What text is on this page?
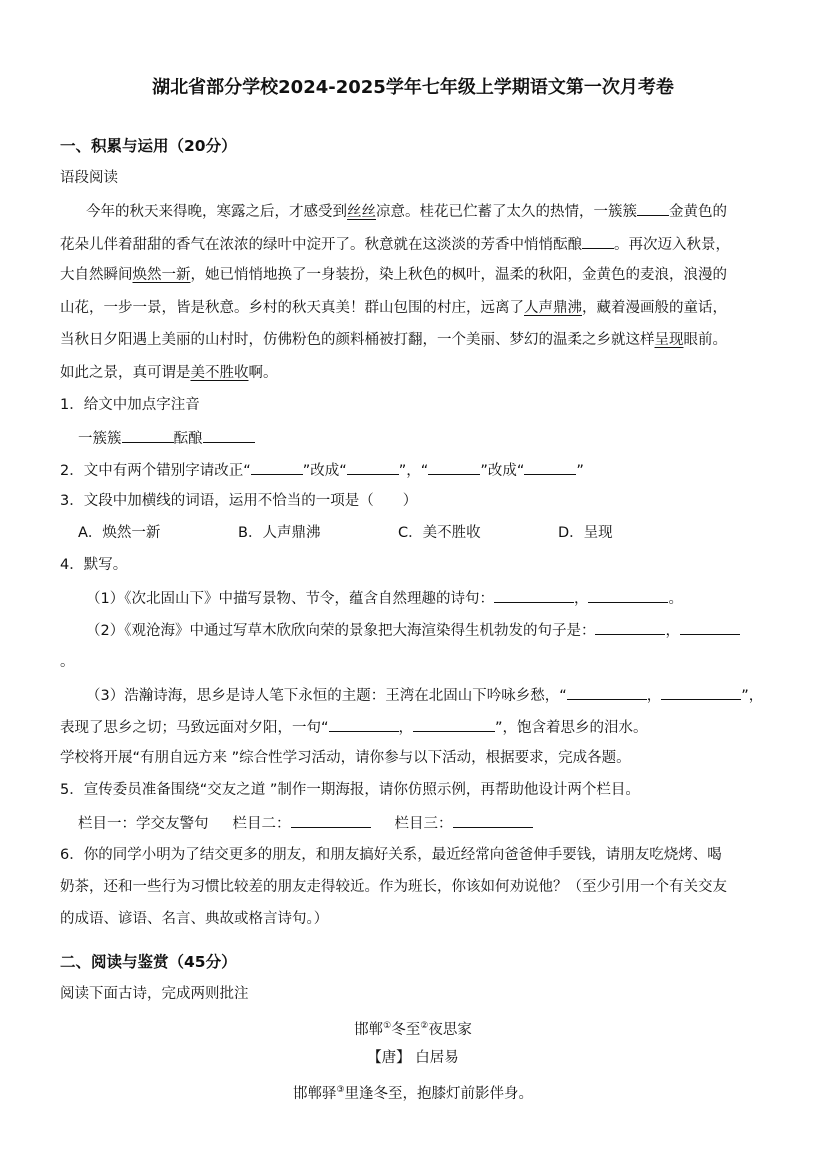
湖北省部分学校2024-2025学年七年级上学期语文第一次月考卷
一、积累与运用（20分）
语段阅读
今年的秋天来得晚，寒露之后，才感受到丝丝凉意。桂花已伫蓄了太久的热情，一簇簇 金黄色的
花朵儿伴着甜甜的香气在浓浓的绿叶中淀开了。秋意就在这淡淡的芳香中悄悄酝酿 。再次迈入秋景，
大自然瞬间焕然一新，她已悄悄地换了一身装扮，染上秋色的枫叶，温柔的秋阳，金黄色的麦浪，浪漫的
山花，一步一景，皆是秋意。乡村的秋天真美！群山包围的村庄，远离了人声鼎沸，藏着漫画般的童话，
当秋日夕阳遇上美丽的山村时，仿佛粉色的颜料桶被打翻，一个美丽、梦幻的温柔之乡就这样呈现眼前。
如此之景，真可谓是美不胜收啊。
1．给文中加点字注音
一簇簇	酝酿
2．文中有两个错别字请改正“	”改成“	”，“	”改成“	”
3．文段中加横线的词语，运用不恰当的一项是（　　）
A．焕然一新	B．人声鼎沸	C．美不胜收	D．呈现
4．默写。
（1）《次北固山下》中描写景物、节令，蕴含自然理趣的诗句：	，	。
（2）《观沧海》中通过写草木欣欣向荣的景象把大海渲染得生机勃发的句子是：	，
。
（3）浩瀚诗海，思乡是诗人笔下永恒的主题：王湾在北固山下吟咏乡愁，“	，	”，
表现了思乡之切；马致远面对夕阳，一句“	，	”，饱含着思乡的泪水。
学校将开展“有朋自远方来 ”综合性学习活动，请你参与以下活动，根据要求，完成各题。
5．宣传委员准备围绕“交友之道 ”制作一期海报，请你仿照示例，再帮助他设计两个栏目。
栏目一：学交友警句 栏目二：	栏目三：
6．你的同学小明为了结交更多的朋友，和朋友搞好关系，最近经常向爸爸伸手要钱，请朋友吃烧烤、喝
奶茶，还和一些行为习惯比较差的朋友走得较近。作为班长，你该如何劝说他？（至少引用一个有关交友
的成语、谚语、名言、典故或格言诗句。）
二、阅读与鉴赏（45分）
阅读下面古诗，完成两则批注
邯郸①冬至②夜思家
【唐】 白居易
邯郸驿③里逢冬至，抱膝灯前影伴身。
